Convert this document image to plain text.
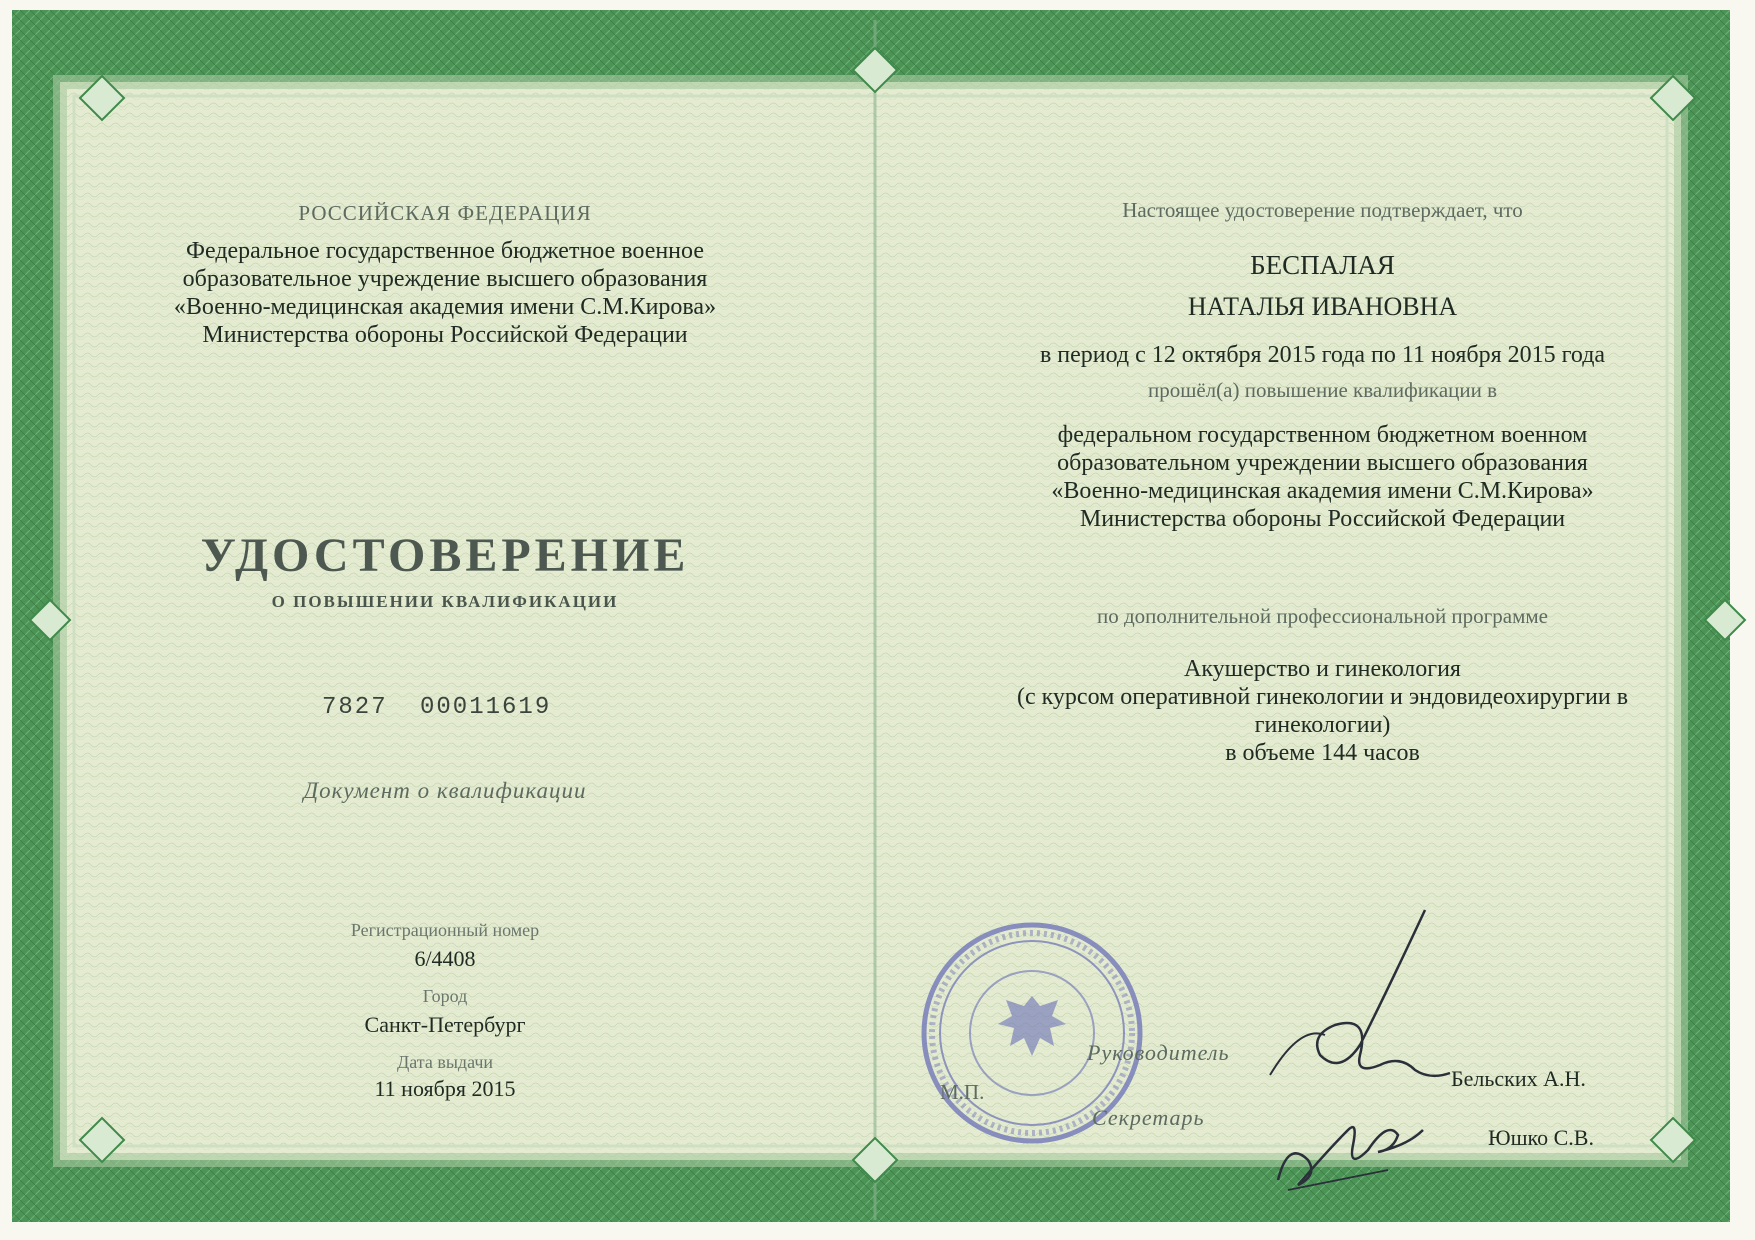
РОССИЙСКАЯ ФЕДЕРАЦИЯ
Федеральное государственное бюджетное военное
образовательное учреждение высшего образования
«Военно-медицинская академия имени С.М.Кирова»
Министерства обороны Российской Федерации
УДОСТОВЕРЕНИЕ
О ПОВЫШЕНИИ КВАЛИФИКАЦИИ
7827 00011619
Документ о квалификации
Регистрационный номер
6/4408
Город
Санкт-Петербург
Дата выдачи
11 ноября 2015
Настоящее удостоверение подтверждает, что
БЕСПАЛАЯ
НАТАЛЬЯ ИВАНОВНА
в период с 12 октября 2015 года по 11 ноября 2015 года
прошёл(а) повышение квалификации в
федеральном государственном бюджетном военном
образовательном учреждении высшего образования
«Военно-медицинская академия имени С.М.Кирова»
Министерства обороны Российской Федерации
по дополнительной профессиональной программе
Акушерство и гинекология
(с курсом оперативной гинекологии и эндовидеохирургии в
гинекологии)
в объеме 144 часов
М.П.
Руководитель
Бельских А.Н.
Секретарь
Юшко С.В.
